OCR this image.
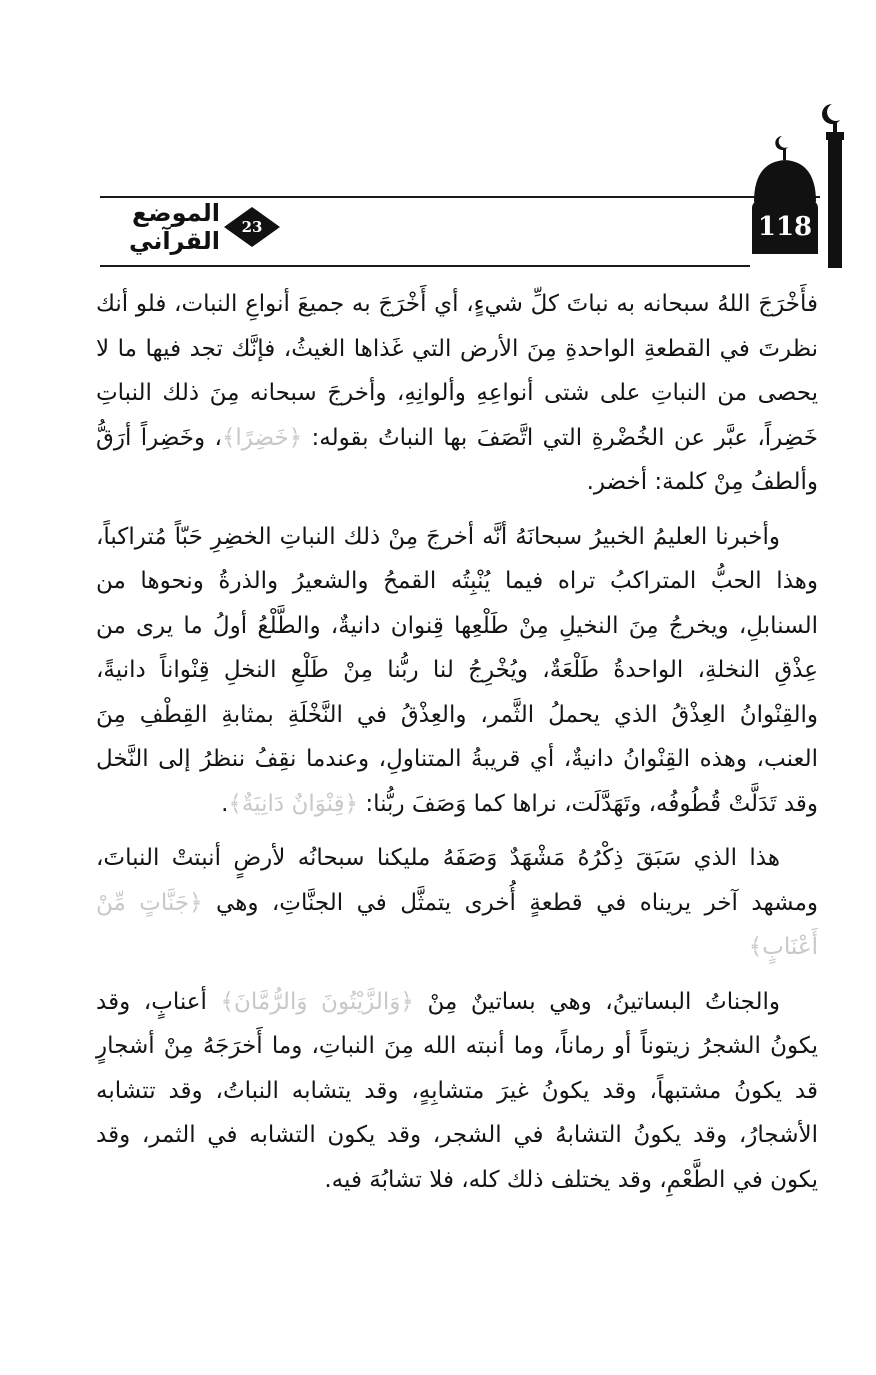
118
23
الموضع القرآني

فأَخْرَجَ اللهُ سبحانه به نباتَ كلِّ شيءٍ، أي أَخْرَجَ به جميعَ أنواعِ النبات، فلو أنك نظرتَ في القطعةِ الواحدةِ مِنَ الأرض التي غَذاها الغيثُ، فإنَّك تجد فيها ما لا يحصى من النباتِ على شتى أنواعِهِ وألوانِهِ، وأخرجَ سبحانه مِنَ ذلك النباتِ خَضِراً، عبَّر عن الخُضْرةِ التي اتَّصَفَ بها النباتُ بقوله: ﴿خَضِرًا﴾، وخَضِراً أرَقُّ وألطفُ مِنْ كلمة: أخضر.

وأخبرنا العليمُ الخبيرُ سبحانَهُ أنَّه أخرجَ مِنْ ذلك النباتِ الخضِرِ حَبّاً مُتراكباً، وهذا الحبُّ المتراكبُ تراه فيما يُنْبِتُه القمحُ والشعيرُ والذرةُ ونحوها من السنابلِ، ويخرجُ مِنَ النخيلِ مِنْ طَلْعِها قِنوان دانيةٌ، والطَّلْعُ أولُ ما يرى من عِذْقِ النخلةِ، الواحدةُ طَلْعَةٌ، ويُخْرِجُ لنا ربُّنا مِنْ طَلْعِ النخلِ قِنْواناً دانيةً، والقِنْوانُ العِذْقُ الذي يحملُ الثَّمر، والعِذْقُ في النَّخْلَةِ بمثابةِ القِطْفِ مِنَ العنب، وهذه القِنْوانُ دانيةٌ، أي قريبةُ المتناولِ، وعندما نقِفُ ننظرُ إلى النَّخل وقد تَدَلَّتْ قُطُوفُه، وتَهَدَّلَت، نراها كما وَصَفَ ربُّنا: ﴿قِنْوَانٌ دَانِيَةٌ﴾.

هذا الذي سَبَقَ ذِكْرُهُ مَشْهَدٌ وَصَفَهُ مليكنا سبحانُه لأرضٍ أنبتتْ النباتَ، ومشهد آخر يريناه في قطعةٍ أُخرى يتمثَّل في الجنَّاتِ، وهي ﴿جَنَّاتٍ مِّنْ أَعْنَابٍ﴾

والجناتُ البساتينُ، وهي بساتينٌ مِنْ ﴿وَالزَّيْتُونَ وَالرُّمَّانَ﴾ أعنابٍ، وقد يكونُ الشجرُ زيتوناً أو رماناً، وما أنبته الله مِنَ النباتِ، وما أَخرَجَهُ مِنْ أشجارٍ قد يكونُ مشتبهاً، وقد يكونُ غيرَ متشابِهٍ، وقد يتشابه النباتُ، وقد تتشابه الأشجارُ، وقد يكونُ التشابهُ في الشجر، وقد يكون التشابه في الثمر، وقد يكون في الطَّعْمِ، وقد يختلف ذلك كله، فلا تشابُهَ فيه.
